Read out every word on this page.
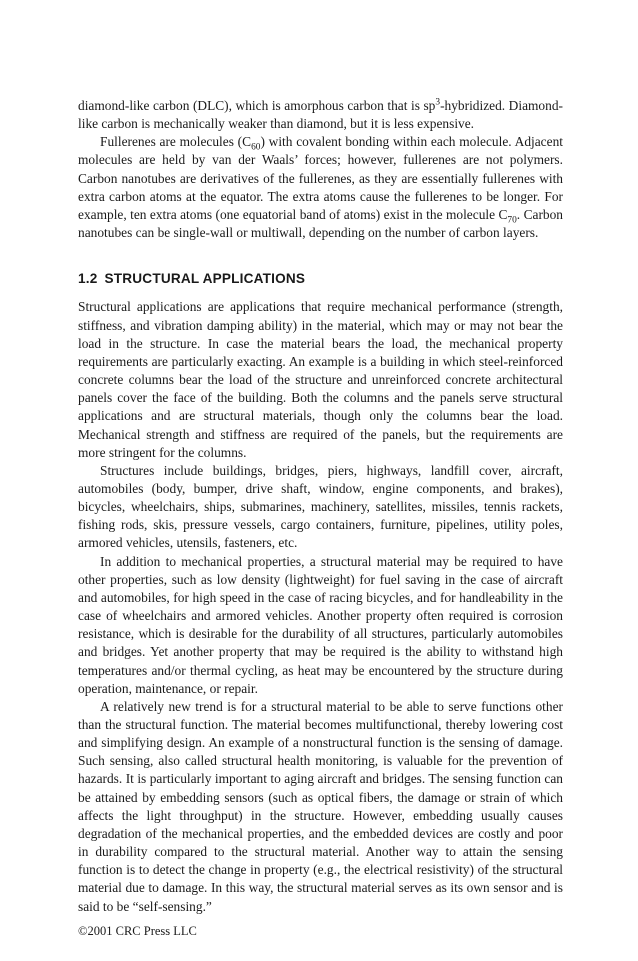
diamond-like carbon (DLC), which is amorphous carbon that is $sp^3$-hybridized. Diamond-like carbon is mechanically weaker than diamond, but it is less expensive.

Fullerenes are molecules $(C_{60})$ with covalent bonding within each molecule. Adjacent molecules are held by van der Waals’ forces; however, fullerenes are not polymers. Carbon nanotubes are derivatives of the fullerenes, as they are essentially fullerenes with extra carbon atoms at the equator. The extra atoms cause the fullerenes to be longer. For example, ten extra atoms (one equatorial band of atoms) exist in the molecule $C_{70}$. Carbon nanotubes can be single-wall or multiwall, depending on the number of carbon layers.

1.2 STRUCTURAL APPLICATIONS

Structural applications are applications that require mechanical performance (strength, stiffness, and vibration damping ability) in the material, which may or may not bear the load in the structure. In case the material bears the load, the mechanical property requirements are particularly exacting. An example is a building in which steel-reinforced concrete columns bear the load of the structure and unreinforced concrete architectural panels cover the face of the building. Both the columns and the panels serve structural applications and are structural materials, though only the columns bear the load. Mechanical strength and stiffness are required of the panels, but the requirements are more stringent for the columns.

Structures include buildings, bridges, piers, highways, landfill cover, aircraft, automobiles (body, bumper, drive shaft, window, engine components, and brakes), bicycles, wheelchairs, ships, submarines, machinery, satellites, missiles, tennis rackets, fishing rods, skis, pressure vessels, cargo containers, furniture, pipelines, utility poles, armored vehicles, utensils, fasteners, etc.

In addition to mechanical properties, a structural material may be required to have other properties, such as low density (lightweight) for fuel saving in the case of aircraft and automobiles, for high speed in the case of racing bicycles, and for handleability in the case of wheelchairs and armored vehicles. Another property often required is corrosion resistance, which is desirable for the durability of all structures, particularly automobiles and bridges. Yet another property that may be required is the ability to withstand high temperatures and/or thermal cycling, as heat may be encountered by the structure during operation, maintenance, or repair.

A relatively new trend is for a structural material to be able to serve functions other than the structural function. The material becomes multifunctional, thereby lowering cost and simplifying design. An example of a nonstructural function is the sensing of damage. Such sensing, also called structural health monitoring, is valuable for the prevention of hazards. It is particularly important to aging aircraft and bridges. The sensing function can be attained by embedding sensors (such as optical fibers, the damage or strain of which affects the light throughput) in the structure. However, embedding usually causes degradation of the mechanical properties, and the embedded devices are costly and poor in durability compared to the structural material. Another way to attain the sensing function is to detect the change in property (e.g., the electrical resistivity) of the structural material due to damage. In this way, the structural material serves as its own sensor and is said to be “self-sensing.”

©2001 CRC Press LLC
